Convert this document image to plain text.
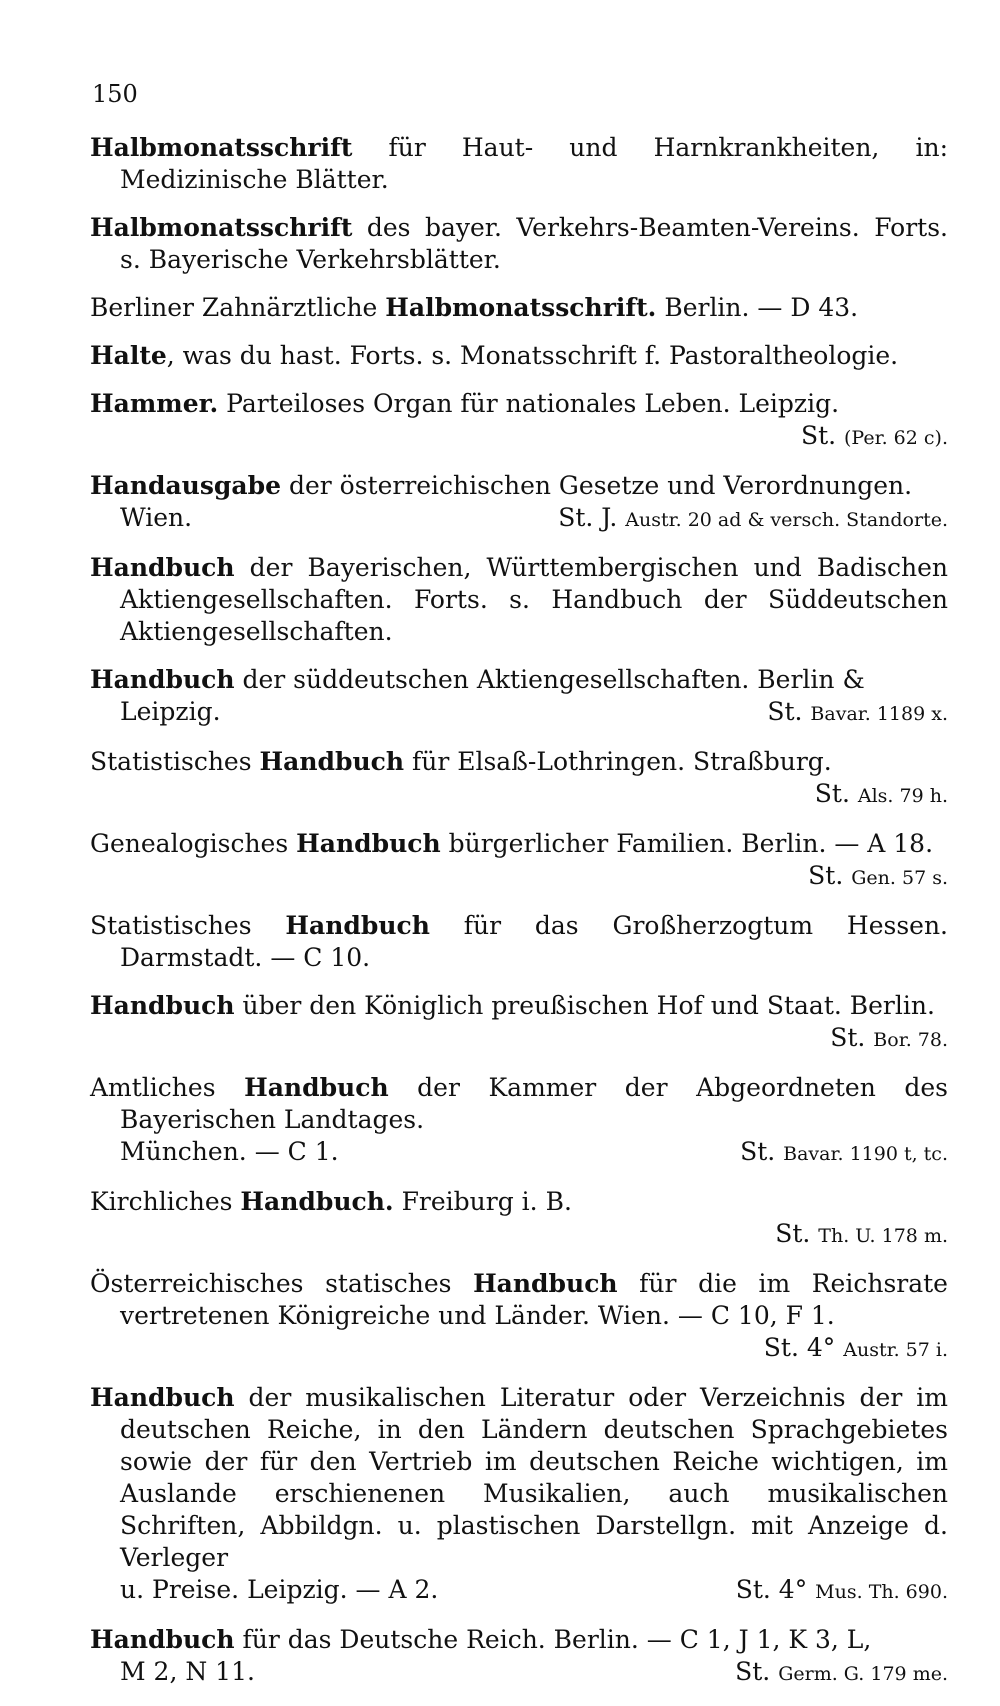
150
Halbmonatsschrift für Haut- und Harnkrankheiten, in: Medizinische Blätter.
Halbmonatsschrift des bayer. Verkehrs-Beamten-Vereins. Forts. s. Bayerische Verkehrsblätter.
Berliner Zahnärztliche Halbmonatsschrift. Berlin. — D 43.
Halte, was du hast. Forts. s. Monatsschrift f. Pastoraltheologie.
Hammer. Parteiloses Organ für nationales Leben. Leipzig.
St. (Per. 62 c).
Handausgabe der österreichischen Gesetze und Verordnungen.
Wien.	St. J. Austr. 20 ad & versch. Standorte.
Handbuch der Bayerischen, Württembergischen und Badischen Aktiengesellschaften. Forts. s. Handbuch der Süddeutschen Aktiengesellschaften.
Handbuch der süddeutschen Aktiengesellschaften. Berlin &
Leipzig.	St. Bavar. 1189 x.
Statistisches Handbuch für Elsaß-Lothringen. Straßburg.
St. Als. 79 h.
Genealogisches Handbuch bürgerlicher Familien. Berlin. — A 18.
St. Gen. 57 s.
Statistisches Handbuch für das Großherzogtum Hessen. Darmstadt. — C 10.
Handbuch über den Königlich preußischen Hof und Staat. Berlin.
St. Bor. 78.
Amtliches Handbuch der Kammer der Abgeordneten des Bayerischen Landtages.
München. — C 1.	St. Bavar. 1190 t, tc.
Kirchliches Handbuch. Freiburg i. B.
St. Th. U. 178 m.
Österreichisches statisches Handbuch für die im Reichsrate vertretenen Königreiche und Länder. Wien. — C 10, F 1.
St. 4° Austr. 57 i.
Handbuch der musikalischen Literatur oder Verzeichnis der im deutschen Reiche, in den Ländern deutschen Sprachgebietes sowie der für den Vertrieb im deutschen Reiche wichtigen, im Auslande erschienenen Musikalien, auch musikalischen Schriften, Abbildgn. u. plastischen Darstellgn. mit Anzeige d. Verleger
u. Preise. Leipzig. — A 2.	St. 4° Mus. Th. 690.
Handbuch für das Deutsche Reich. Berlin. — C 1, J 1, K 3, L,
M 2, N 11.	St. Germ. G. 179 me.
